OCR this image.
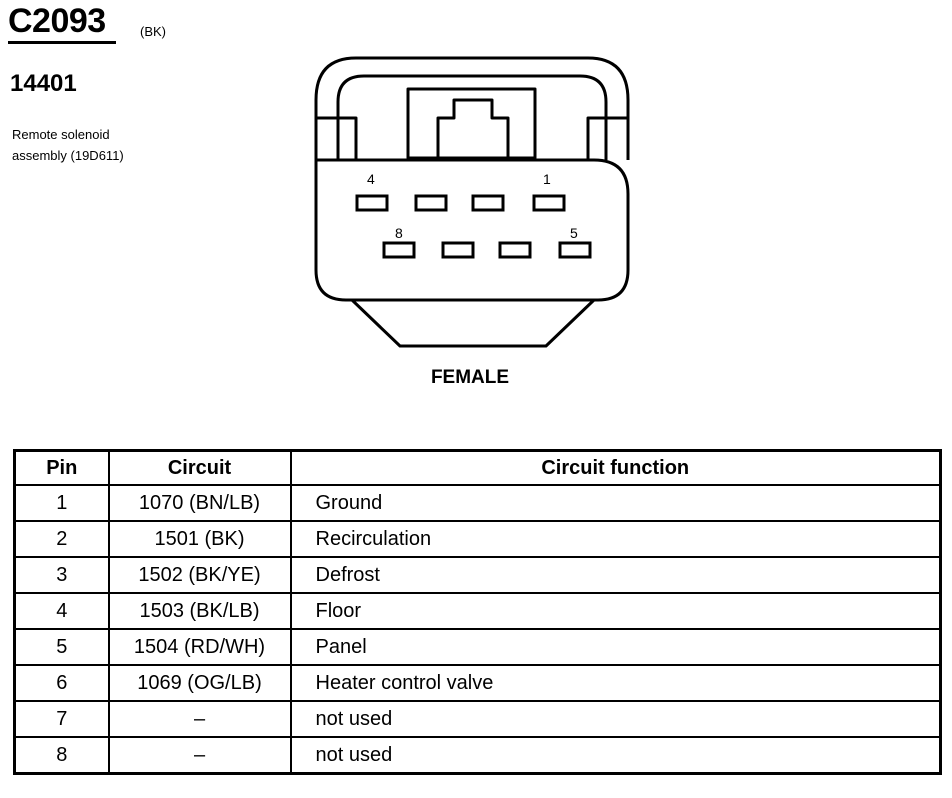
C2093	(BK)
14401
Remote solenoid
assembly (19D611)
4	1
8	5
FEMALE
Pin	Circuit	Circuit function
1	1070 (BN/LB)	Ground
2	1501 (BK)	Recirculation
3	1502 (BK/YE)	Defrost
4	1503 (BK/LB)	Floor
5	1504 (RD/WH)	Panel
6	1069 (OG/LB)	Heater control valve
7	–	not used
8	–	not used
